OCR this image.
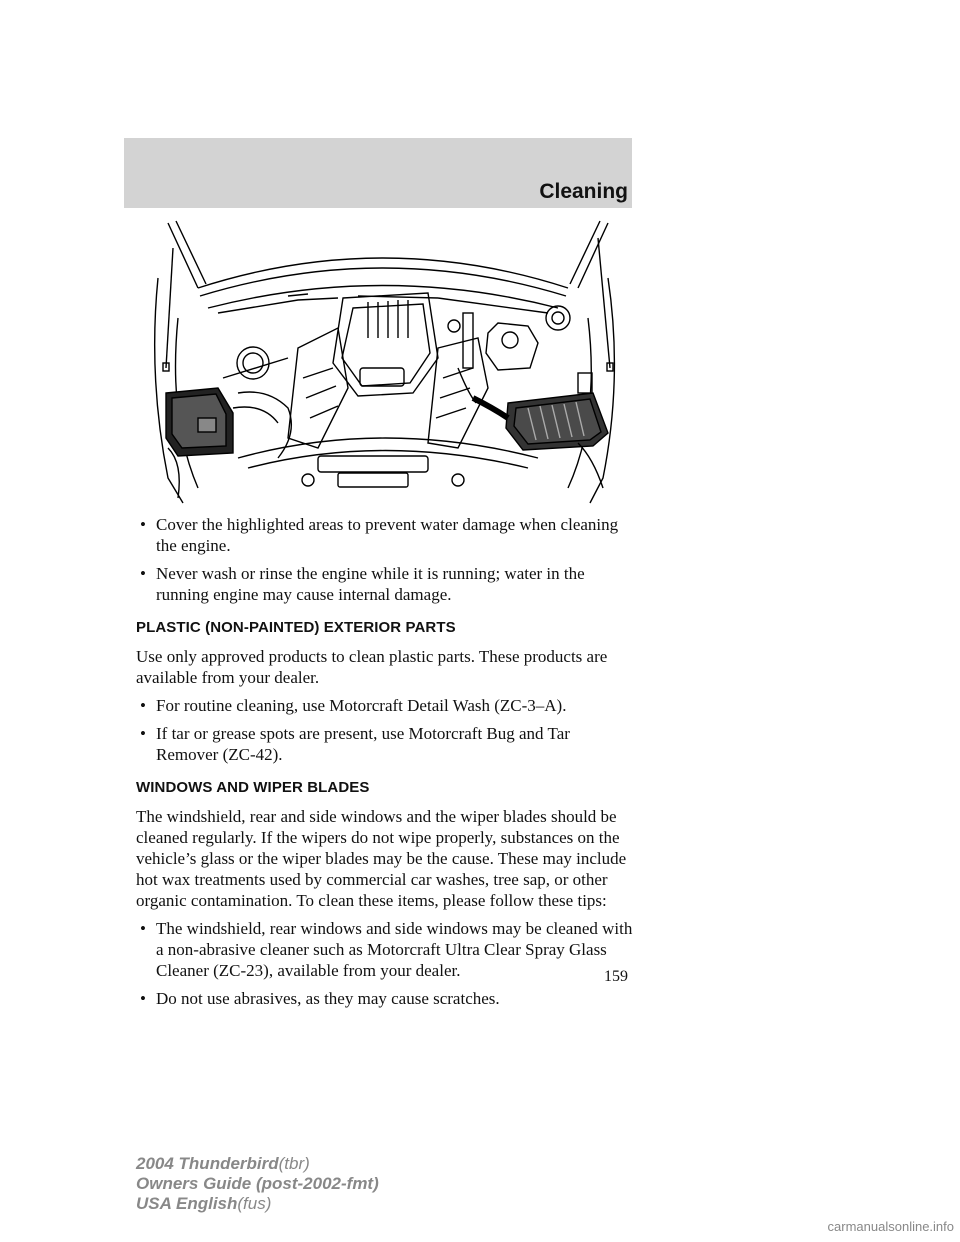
Cleaning
• Cover the highlighted areas to prevent water damage when cleaning the engine.
• Never wash or rinse the engine while it is running; water in the running engine may cause internal damage.
PLASTIC (NON-PAINTED) EXTERIOR PARTS

Use only approved products to clean plastic parts. These products are available from your dealer.

• For routine cleaning, use Motorcraft Detail Wash (ZC-3–A).
• If tar or grease spots are present, use Motorcraft Bug and Tar Remover (ZC-42).
WINDOWS AND WIPER BLADES

The windshield, rear and side windows and the wiper blades should be cleaned regularly. If the wipers do not wipe properly, substances on the vehicle’s glass or the wiper blades may be the cause. These may include hot wax treatments used by commercial car washes, tree sap, or other organic contamination. To clean these items, please follow these tips:

• The windshield, rear windows and side windows may be cleaned with a non-abrasive cleaner such as Motorcraft Ultra Clear Spray Glass Cleaner (ZC-23), available from your dealer.
• Do not use abrasives, as they may cause scratches.
159
2004 Thunderbird(tbr)
Owners Guide (post-2002-fmt)
USA English(fus)
carmanualsonline.info
